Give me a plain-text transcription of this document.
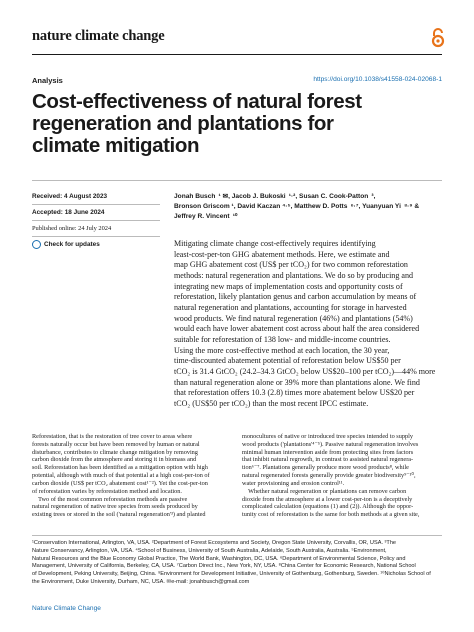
nature climate change
Analysis	https://doi.org/10.1038/s41558-024-02068-1
Cost-effectiveness of natural forest
regeneration and plantations for
climate mitigation
Received: 4 August 2023
Accepted: 18 June 2024
Published online: 24 July 2024
Check for updates
Jonah Busch  ¹ ✉, Jacob J. Bukoski  ¹·², Susan C. Cook-Patton  ³,
Bronson Griscom ¹, David Kaczan ⁴·⁵, Matthew D. Potts  ⁶·⁷, Yuanyuan Yi  ⁸·⁹ &
Jeffrey R. Vincent  ¹⁰
Mitigating climate change cost-effectively requires identifying
least-cost-per-ton GHG abatement methods. Here, we estimate and
map GHG abatement cost (US$ per tCO₂) for two common reforestation
methods: natural regeneration and plantations. We do so by producing and
integrating new maps of implementation costs and opportunity costs of
reforestation, likely plantation genus and carbon accumulation by means of
natural regeneration and plantations, accounting for storage in harvested
wood products. We find natural regeneration (46%) and plantations (54%)
would each have lower abatement cost across about half the area considered
suitable for reforestation of 138 low- and middle-income countries.
Using the more cost-effective method at each location, the 30 year,
time-discounted abatement potential of reforestation below US$50 per
tCO₂ is 31.4 GtCO₂ (24.2–34.3 GtCO₂ below US$20–100 per tCO₂)—44% more
than natural regeneration alone or 39% more than plantations alone. We find
that reforestation offers 10.3 (2.8) times more abatement below US$20 per
tCO₂ (US$50 per tCO₂) than the most recent IPCC estimate.
Reforestation, that is the restoration of tree cover to areas where
forests naturally occur but have been removed by human or natural
disturbance, contributes to climate change mitigation by removing
carbon dioxide from the atmosphere and storing it in biomass and
soil. Reforestation has been identified as a mitigation option with high
potential, although with much of that potential at a high cost-per-ton of
carbon dioxide (US$ per tCO₂ abatement cost¹⁻²). Yet the cost-per-ton
of reforestation varies by reforestation method and location.
Two of the most common reforestation methods are passive
natural regeneration of native tree species from seeds produced by
existing trees or stored in the soil ('natural regeneration'³) and planted
monocultures of native or introduced tree species intended to supply
wood products ('plantations'⁴⁻⁵). Passive natural regeneration involves
minimal human intervention aside from protecting sites from factors
that inhibit natural regrowth, in contrast to assisted natural regenera-
tion⁶⁻⁷. Plantations generally produce more wood products⁸, while
natural regenerated forests generally provide greater biodiversity⁹⁻¹⁰,
water provisioning and erosion control¹¹.
Whether natural regeneration or plantations can remove carbon
dioxide from the atmosphere at a lower cost-per-ton is a deceptively
complicated calculation (equations (1) and (2)). Although the oppor-
tunity cost of reforestation is the same for both methods at a given site,
¹Conservation International, Arlington, VA, USA. ²Department of Forest Ecosystems and Society, Oregon State University, Corvallis, OR, USA. ³The
Nature Conservancy, Arlington, VA, USA. ⁴School of Business, University of South Australia, Adelaide, South Australia, Australia. ⁵Environment,
Natural Resources and the Blue Economy Global Practice, The World Bank, Washington, DC, USA. ⁶Department of Environmental Science, Policy and
Management, University of California, Berkeley, CA, USA. ⁷Carbon Direct Inc., New York, NY, USA. ⁸China Center for Economic Research, National School
of Development, Peking University, Beijing, China. ⁹Environment for Development Initiative, University of Gothenburg, Gothenburg, Sweden. ¹⁰Nicholas School of
the Environment, Duke University, Durham, NC, USA. ✉e-mail: jonahbusch@gmail.com
Nature Climate Change
